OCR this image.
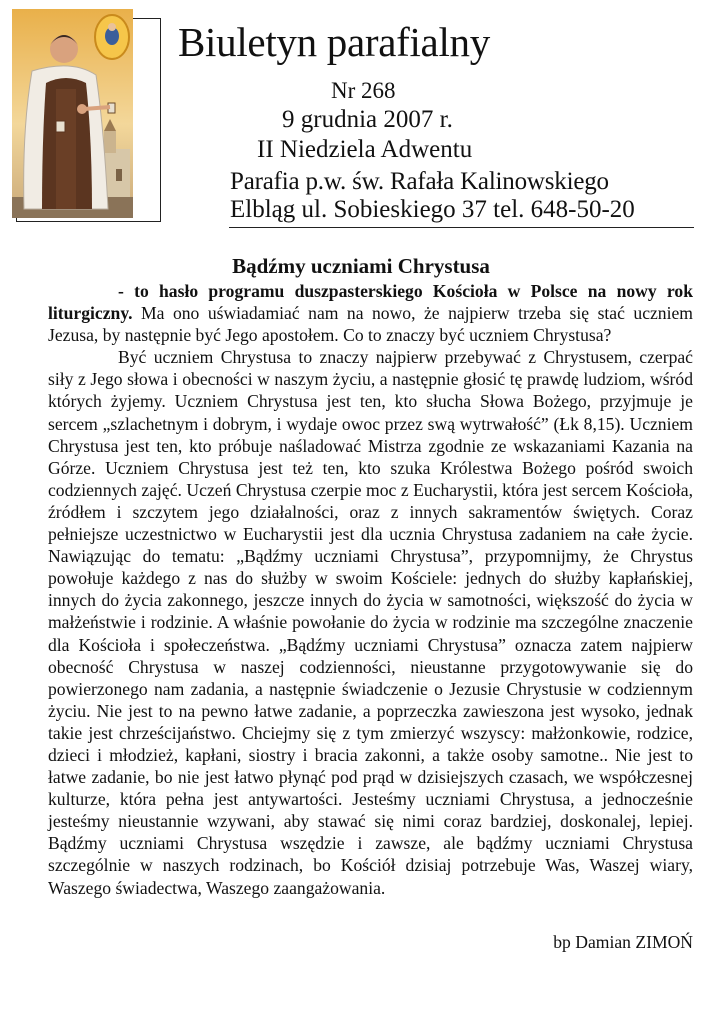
Biuletyn parafialny
Nr 268
9 grudnia 2007 r.
II Niedziela Adwentu
Parafia p.w. św. Rafała Kalinowskiego
Elbląg ul. Sobieskiego 37 tel. 648-50-20
Bądźmy uczniami Chrystusa

- to hasło programu duszpasterskiego Kościoła w Polsce na nowy rok liturgiczny. Ma ono uświadamiać nam na nowo, że najpierw trzeba się stać uczniem Jezusa, by następnie być Jego apostołem. Co to znaczy być uczniem Chrystusa?

Być uczniem Chrystusa to znaczy najpierw przebywać z Chrystusem, czerpać siły z Jego słowa i obecności w naszym życiu, a następnie głosić tę prawdę ludziom, wśród których żyjemy. Uczniem Chrystusa jest ten, kto słucha Słowa Bożego, przyjmuje je sercem „szlachetnym i dobrym, i wydaje owoc przez swą wytrwałość” (Łk 8,15). Uczniem Chrystusa jest ten, kto próbuje naśladować Mistrza zgodnie ze wskazaniami Kazania na Górze. Uczniem Chrystusa jest też ten, kto szuka Królestwa Bożego pośród swoich codziennych zajęć. Uczeń Chrystusa czerpie moc z Eucharystii, która jest sercem Kościoła, źródłem i szczytem jego działalności, oraz z innych sakramentów świętych. Coraz pełniejsze uczestnictwo w Eucharystii jest dla ucznia Chrystusa zadaniem na całe życie. Nawiązując do tematu: „Bądźmy uczniami Chrystusa”, przypomnijmy, że Chrystus powołuje każdego z nas do służby w swoim Kościele: jednych do służby kapłańskiej, innych do życia zakonnego, jeszcze innych do życia w samotności, większość do życia w małżeństwie i rodzinie. A właśnie powołanie do życia w rodzinie ma szczególne znaczenie dla Kościoła i społeczeństwa. „Bądźmy uczniami Chrystusa” oznacza zatem najpierw obecność Chrystusa w naszej codzienności, nieustanne przygotowywanie się do powierzonego nam zadania, a następnie świadczenie o Jezusie Chrystusie w codziennym życiu. Nie jest to na pewno łatwe zadanie, a poprzeczka zawieszona jest wysoko, jednak takie jest chrześcijaństwo. Chciejmy się z tym zmierzyć wszyscy: małżonkowie, rodzice, dzieci i młodzież, kapłani, siostry i bracia zakonni, a także osoby samotne.. Nie jest to łatwe zadanie, bo nie jest łatwo płynąć pod prąd w dzisiejszych czasach, we współczesnej kulturze, która pełna jest antywartości. Jesteśmy uczniami Chrystusa, a jednocześnie jesteśmy nieustannie wzywani, aby stawać się nimi coraz bardziej, doskonalej, lepiej. Bądźmy uczniami Chrystusa wszędzie i zawsze, ale bądźmy uczniami Chrystusa szczególnie w naszych rodzinach, bo Kościół dzisiaj potrzebuje Was, Waszej wiary, Waszego świadectwa, Waszego zaangażowania.

bp Damian ZIMOŃ
